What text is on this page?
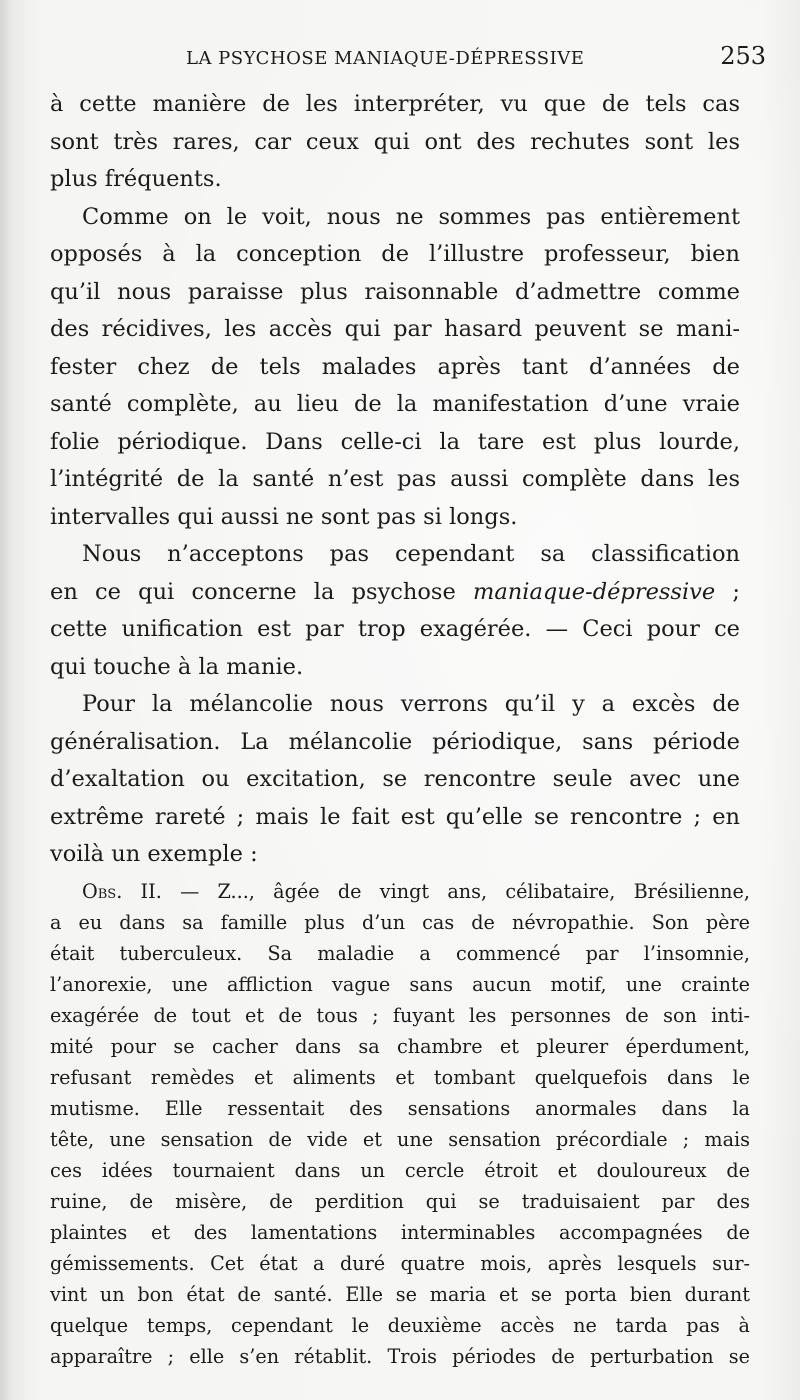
LA PSYCHOSE MANIAQUE-DÉPRESSIVE	253
à cette manière de les interpréter, vu que de tels cas
sont très rares, car ceux qui ont des rechutes sont les
plus fréquents.
Comme on le voit, nous ne sommes pas entièrement
opposés à la conception de l’illustre professeur, bien
qu’il nous paraisse plus raisonnable d’admettre comme
des récidives, les accès qui par hasard peuvent se mani-
fester chez de tels malades après tant d’années de
santé complète, au lieu de la manifestation d’une vraie
folie périodique. Dans celle-ci la tare est plus lourde,
l’intégrité de la santé n’est pas aussi complète dans les
intervalles qui aussi ne sont pas si longs.
Nous n’acceptons pas cependant sa classification
en ce qui concerne la psychose maniaque-dépressive ;
cette unification est par trop exagérée. — Ceci pour ce
qui touche à la manie.
Pour la mélancolie nous verrons qu’il y a excès de
généralisation. La mélancolie périodique, sans période
d’exaltation ou excitation, se rencontre seule avec une
extrême rareté ; mais le fait est qu’elle se rencontre ; en
voilà un exemple :
Obs. II. — Z..., âgée de vingt ans, célibataire, Brésilienne,
a eu dans sa famille plus d’un cas de névropathie. Son père
était tuberculeux. Sa maladie a commencé par l’insomnie,
l’anorexie, une affliction vague sans aucun motif, une crainte
exagérée de tout et de tous ; fuyant les personnes de son inti-
mité pour se cacher dans sa chambre et pleurer éperdument,
refusant remèdes et aliments et tombant quelquefois dans le
mutisme. Elle ressentait des sensations anormales dans la
tête, une sensation de vide et une sensation précordiale ; mais
ces idées tournaient dans un cercle étroit et douloureux de
ruine, de misère, de perdition qui se traduisaient par des
plaintes et des lamentations interminables accompagnées de
gémissements. Cet état a duré quatre mois, après lesquels sur-
vint un bon état de santé. Elle se maria et se porta bien durant
quelque temps, cependant le deuxième accès ne tarda pas à
apparaître ; elle s’en rétablit. Trois périodes de perturbation se
